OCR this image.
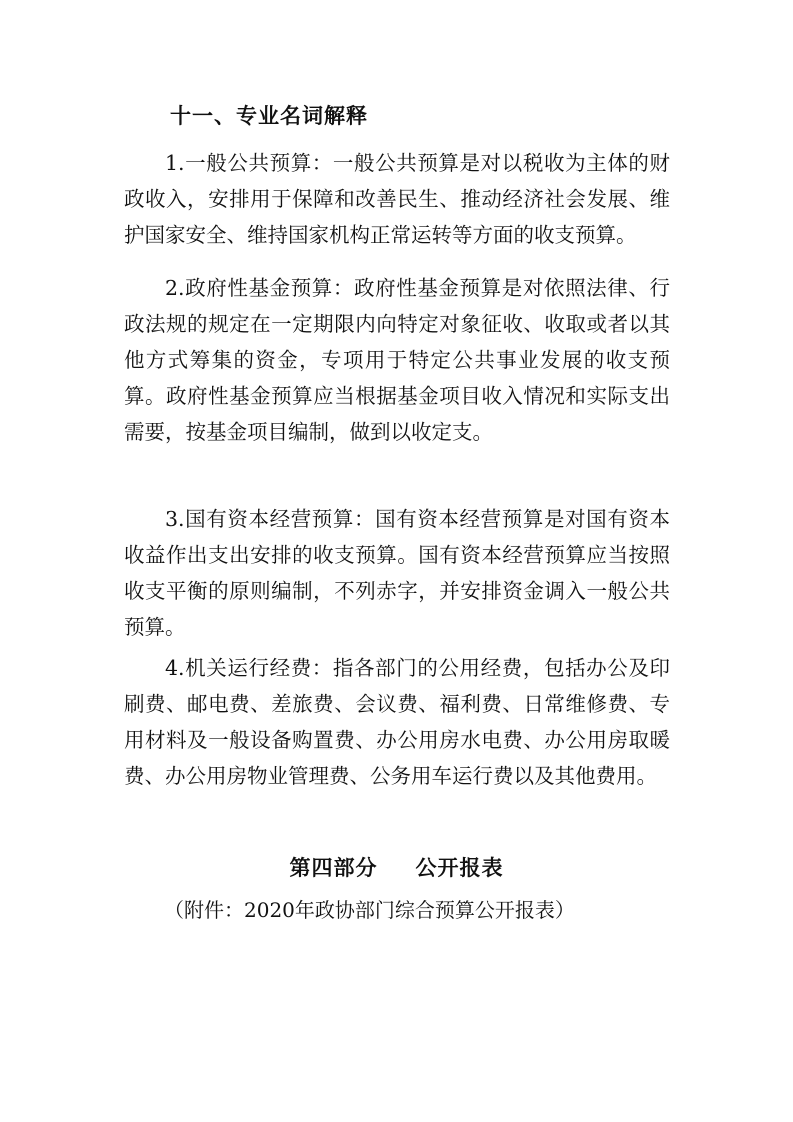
十一、专业名词解释

1.一般公共预算：一般公共预算是对以税收为主体的财政收入，安排用于保障和改善民生、推动经济社会发展、维护国家安全、维持国家机构正常运转等方面的收支预算。

2.政府性基金预算：政府性基金预算是对依照法律、行政法规的规定在一定期限内向特定对象征收、收取或者以其他方式筹集的资金，专项用于特定公共事业发展的收支预算。政府性基金预算应当根据基金项目收入情况和实际支出需要，按基金项目编制，做到以收定支。

3.国有资本经营预算：国有资本经营预算是对国有资本收益作出支出安排的收支预算。国有资本经营预算应当按照收支平衡的原则编制，不列赤字，并安排资金调入一般公共预算。

4.机关运行经费：指各部门的公用经费，包括办公及印刷费、邮电费、差旅费、会议费、福利费、日常维修费、专用材料及一般设备购置费、办公用房水电费、办公用房取暖费、办公用房物业管理费、公务用车运行费以及其他费用。

第四部分 公开报表

（附件：2020年政协部门综合预算公开报表）
